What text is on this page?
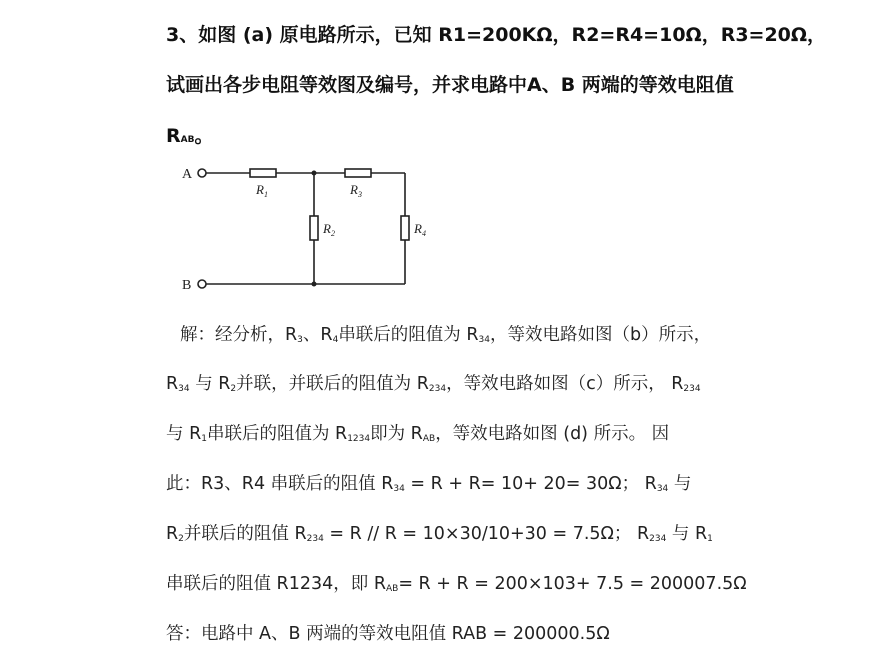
3、如图 (a) 原电路所示，已知 R1=200KΩ，R2=R4=10Ω，R3=20Ω，
试画出各步电阻等效图及编号，并求电路中A、B 两端的等效电阻值
RAB。
A
B
$R_1$	$R_3$
$R_2$	$R_4$
解：经分析，R3、R4串联后的阻值为 R34，等效电路如图（b）所示，
R34 与 R2并联，并联后的阻值为 R234，等效电路如图（c）所示， R234
与 R1串联后的阻值为 R1234即为 RAB，等效电路如图 (d) 所示。 因
此：R3、R4 串联后的阻值 R34 = R + R= 10+ 20= 30Ω； R34 与
R2并联后的阻值 R234 = R // R = 10×30/10+30 = 7.5Ω； R234 与 R1
串联后的阻值 R1234，即 RAB= R + R = 200×103+ 7.5 = 200007.5Ω
答：电路中 A、B 两端的等效电阻值 RAB = 200000.5Ω
